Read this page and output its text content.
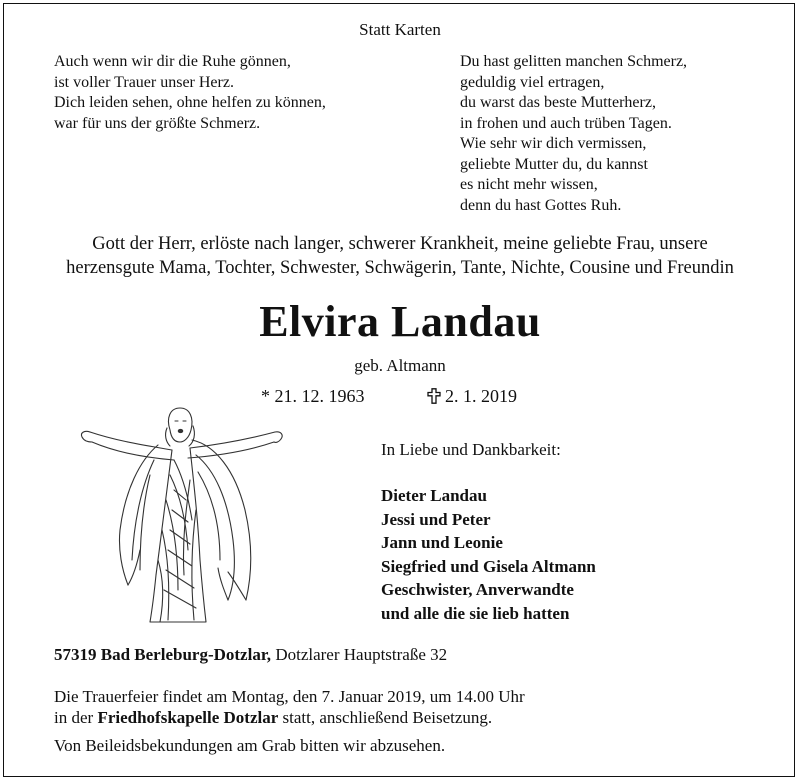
Statt Karten
Auch wenn wir dir die Ruhe gönnen,
ist voller Trauer unser Herz.
Dich leiden sehen, ohne helfen zu können,
war für uns der größte Schmerz.
Du hast gelitten manchen Schmerz,
geduldig viel ertragen,
du warst das beste Mutterherz,
in frohen und auch trüben Tagen.
Wie sehr wir dich vermissen,
geliebte Mutter du, du kannst
es nicht mehr wissen,
denn du hast Gottes Ruh.
Gott der Herr, erlöste nach langer, schwerer Krankheit, meine geliebte Frau, unsere
herzensgute Mama, Tochter, Schwester, Schwägerin, Tante, Nichte, Cousine und Freundin
Elvira Landau
geb. Altmann
* 21. 12. 1963	2. 1. 2019
In Liebe und Dankbarkeit:
Dieter Landau
Jessi und Peter
Jann und Leonie
Siegfried und Gisela Altmann
Geschwister, Anverwandte
und alle die sie lieb hatten
57319 Bad Berleburg-Dotzlar, Dotzlarer Hauptstraße 32
Die Trauerfeier findet am Montag, den 7. Januar 2019, um 14.00 Uhr
in der Friedhofskapelle Dotzlar statt, anschließend Beisetzung.
Von Beileidsbekundungen am Grab bitten wir abzusehen.
